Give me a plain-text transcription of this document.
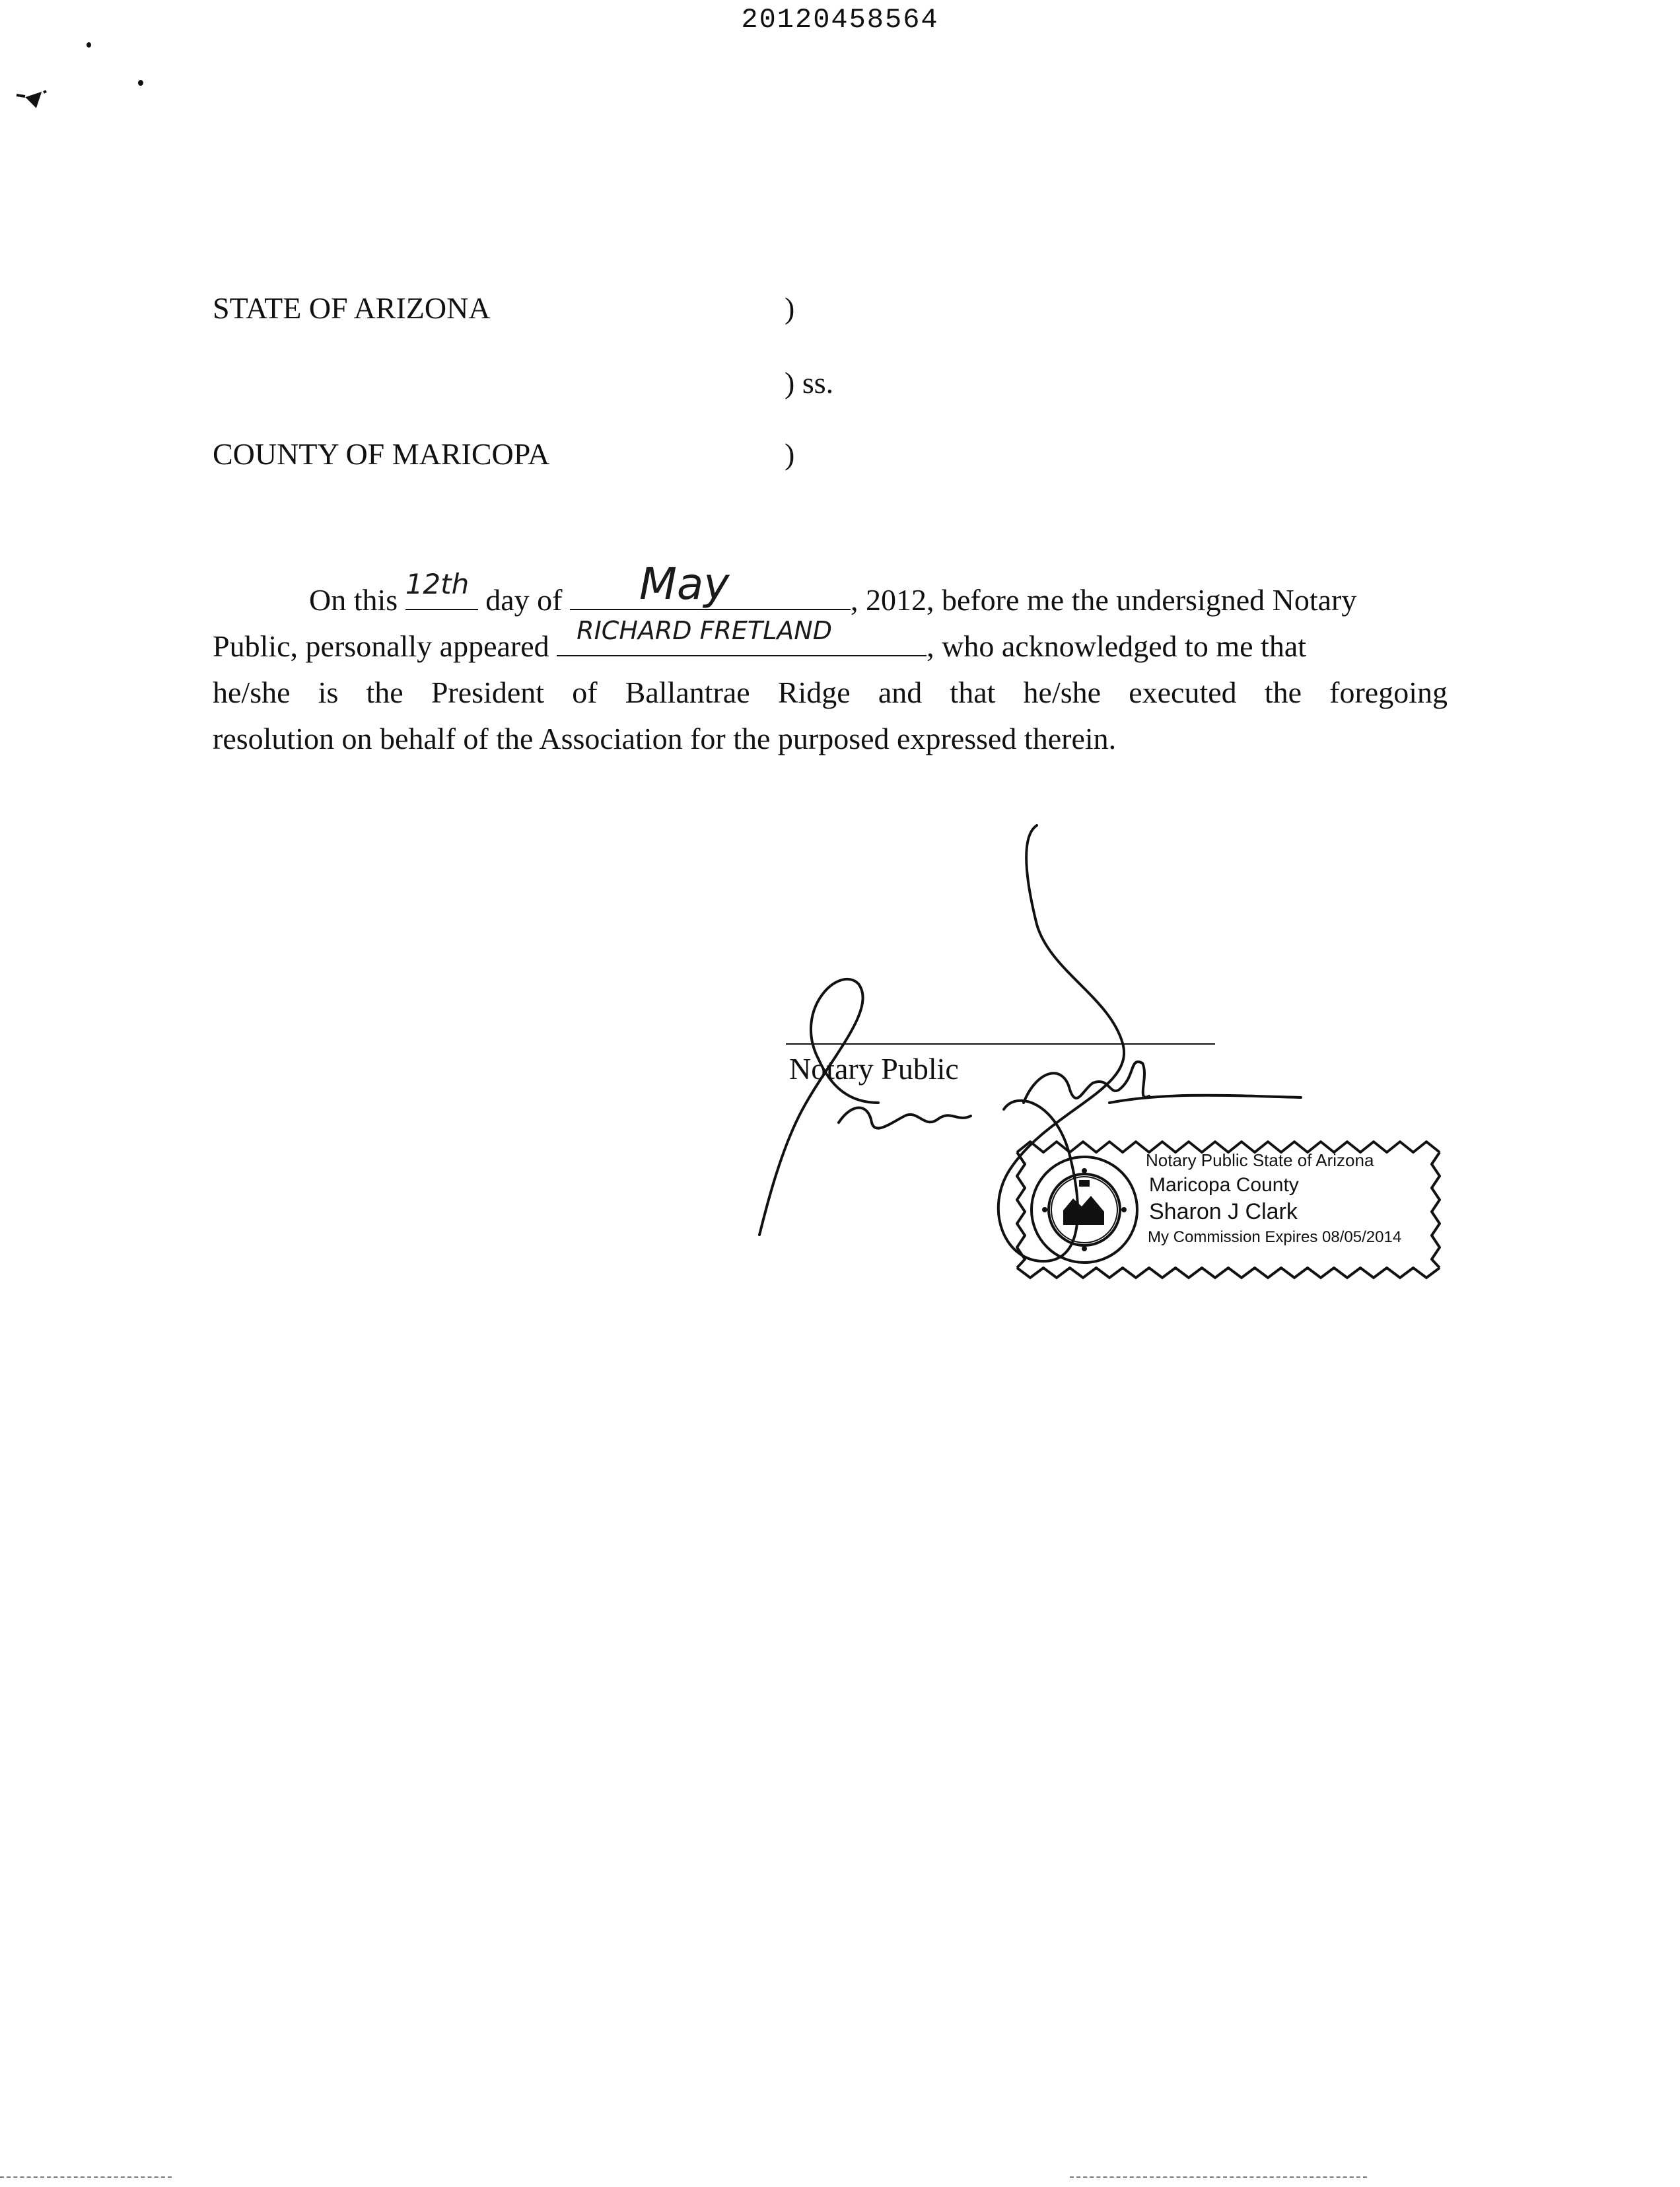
20120458564
STATE OF ARIZONA	)
) ss.
COUNTY OF MARICOPA	)
On this 12th day of May	, 2012, before me the undersigned Notary
Public, personally appeared RICHARD FRETLAND	, who acknowledged to me that
he/she is the President of Ballantrae Ridge and that he/she executed the foregoing
resolution on behalf of the Association for the purposed expressed therein.
Notary Public
Notary Public State of Arizona
Maricopa County
Sharon J Clark
My Commission Expires 08/05/2014
